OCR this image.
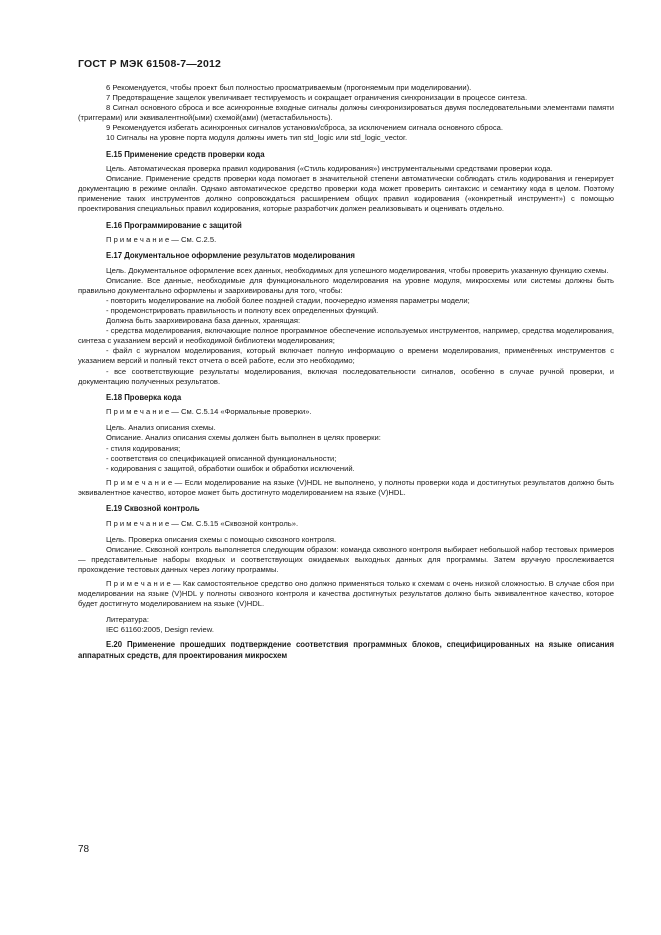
ГОСТ Р МЭК 61508-7—2012

6 Рекомендуется, чтобы проект был полностью просматриваемым (прогоняемым при моделировании).

7 Предотвращение защелок увеличивает тестируемость и сокращает ограничения синхронизации в процессе синтеза.

8 Сигнал основного сброса и все асинхронные входные сигналы должны синхронизироваться двумя последовательными элементами памяти (триггерами) или эквивалентной(ыми) схемой(ами) (метастабильность).

9 Рекомендуется избегать асинхронных сигналов установки/сброса, за исключением сигнала основного сброса.

10 Сигналы на уровне порта модуля должны иметь тип std_logic или std_logic_vector.

Е.15 Применение средств проверки кода

Цель. Автоматическая проверка правил кодирования («Стиль кодирования») инструментальными средствами проверки кода.

Описание. Применение средств проверки кода помогает в значительной степени автоматически соблюдать стиль кодирования и генерирует документацию в режиме онлайн. Однако автоматическое средство проверки кода может проверить синтаксис и семантику кода в целом. Поэтому применение таких инструментов должно сопровождаться расширением общих правил кодирования («конкретный инструмент») с помощью проектирования специальных правил кодирования, которые разработчик должен реализовывать и оценивать отдельно.

Е.16 Программирование с защитой

П р и м е ч а н и е — См. С.2.5.

Е.17 Документальное оформление результатов моделирования

Цель. Документальное оформление всех данных, необходимых для успешного моделирования, чтобы проверить указанную функцию схемы.

Описание. Все данные, необходимые для функционального моделирования на уровне модуля, микросхемы или системы должны быть правильно документально оформлены и заархивированы для того, чтобы:

- повторить моделирование на любой более поздней стадии, поочередно изменяя параметры модели;

- продемонстрировать правильность и полноту всех определенных функций.

Должна быть заархивирована база данных, хранящая:

- средства моделирования, включающие полное программное обеспечение используемых инструментов, например, средства моделирования, синтеза с указанием версий и необходимой библиотеки моделирования;

- файл с журналом моделирования, который включает полную информацию о времени моделирования, применённых инструментов с указанием версий и полный текст отчета о всей работе, если это необходимо;

- все соответствующие результаты моделирования, включая последовательности сигналов, особенно в случае ручной проверки, и документацию полученных результатов.

Е.18 Проверка кода

П р и м е ч а н и е — См. С.5.14 «Формальные проверки».

Цель. Анализ описания схемы.

Описание. Анализ описания схемы должен быть выполнен в целях проверки:

- стиля кодирования;

- соответствия со спецификацией описанной функциональности;

- кодирования с защитой, обработки ошибок и обработки исключений.

П р и м е ч а н и е — Если моделирование на языке (V)HDL не выполнено, у полноты проверки кода и достигнутых результатов должно быть эквивалентное качество, которое может быть достигнуто моделированием на языке (V)HDL.

Е.19 Сквозной контроль

П р и м е ч а н и е — См. С.5.15 «Сквозной контроль».

Цель. Проверка описания схемы с помощью сквозного контроля.

Описание. Сквозной контроль выполняется следующим образом: команда сквозного контроля выбирает небольшой набор тестовых примеров — представительные наборы входных и соответствующих ожидаемых выходных данных для программы. Затем вручную прослеживается прохождение тестовых данных через логику программы.

П р и м е ч а н и е — Как самостоятельное средство оно должно применяться только к схемам с очень низкой сложностью. В случае сбоя при моделировании на языке (V)HDL у полноты сквозного контроля и качества достигнутых результатов должно быть эквивалентное качество, которое будет достигнуто моделированием на языке (V)HDL.

Литература:

IEC 61160:2005, Design review.

Е.20 Применение прошедших подтверждение соответствия программных блоков, специфицированных на языке описания аппаратных средств, для проектирования микросхем
78
